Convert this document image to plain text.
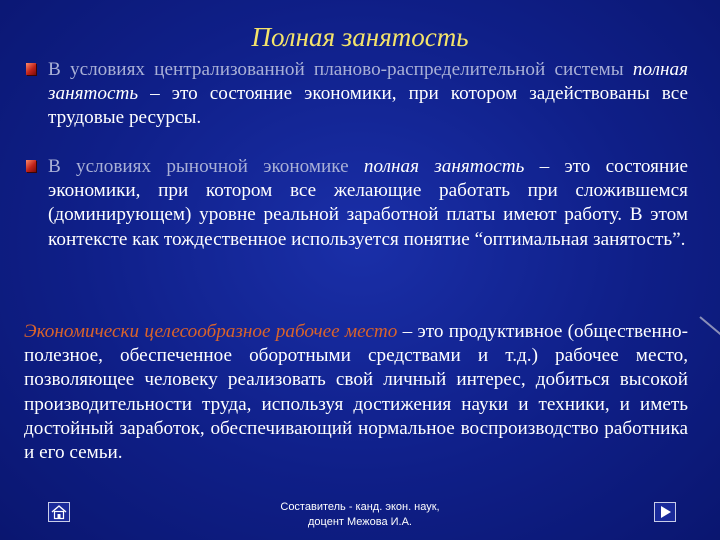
Полная занятость

В условиях централизованной планово-распределительной системы полная занятость – это состояние экономики, при котором задействованы все трудовые ресурсы.

В условиях рыночной экономике полная занятость – это состояние экономики, при котором все желающие работать при сложившемся (доминирующем) уровне реальной заработной платы имеют работу. В этом контексте как тождественное используется понятие “оптимальная занятость”.

Экономически целесообразное рабочее место – это продуктивное (общественно-полезное, обеспеченное оборотными средствами и т.д.) рабочее место, позволяющее человеку реализовать свой личный интерес, добиться высокой производительности труда, используя достижения науки и техники, и иметь достойный заработок, обеспечивающий нормальное воспроизводство работника и его семьи.

Составитель - канд. экон. наук,
доцент Межова И.А.
